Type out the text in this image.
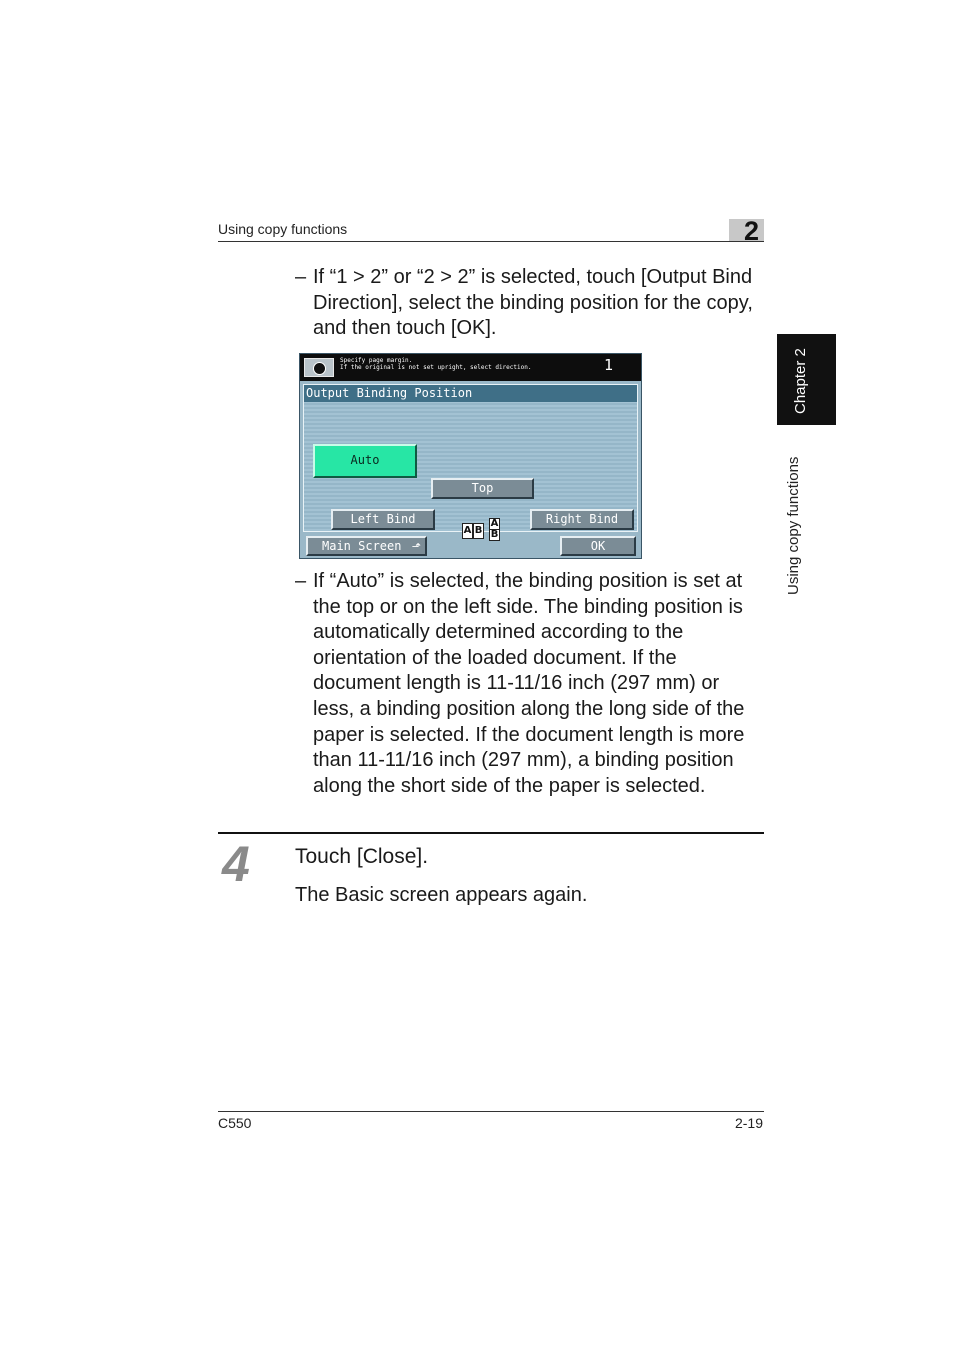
Using copy functions	2
Chapter 2
Using copy functions
– If “1 > 2” or “2 > 2” is selected, touch [Output Bind Direction], select the binding position for the copy, and then touch [OK].
Specify page margin.
If the original is not set upright, select direction.	1
Output Binding Position
Auto
Top
Left Bind	Right Bind
A B
A
B
Main Screen ⬏	OK
– If “Auto” is selected, the binding position is set at the top or on the left side. The binding position is automatically determined according to the orientation of the loaded document. If the document length is 11-11/16 inch (297 mm) or less, a binding position along the long side of the paper is selected. If the document length is more than 11-11/16 inch (297 mm), a binding position along the short side of the paper is selected.
4 Touch [Close].
The Basic screen appears again.
C550	2-19
